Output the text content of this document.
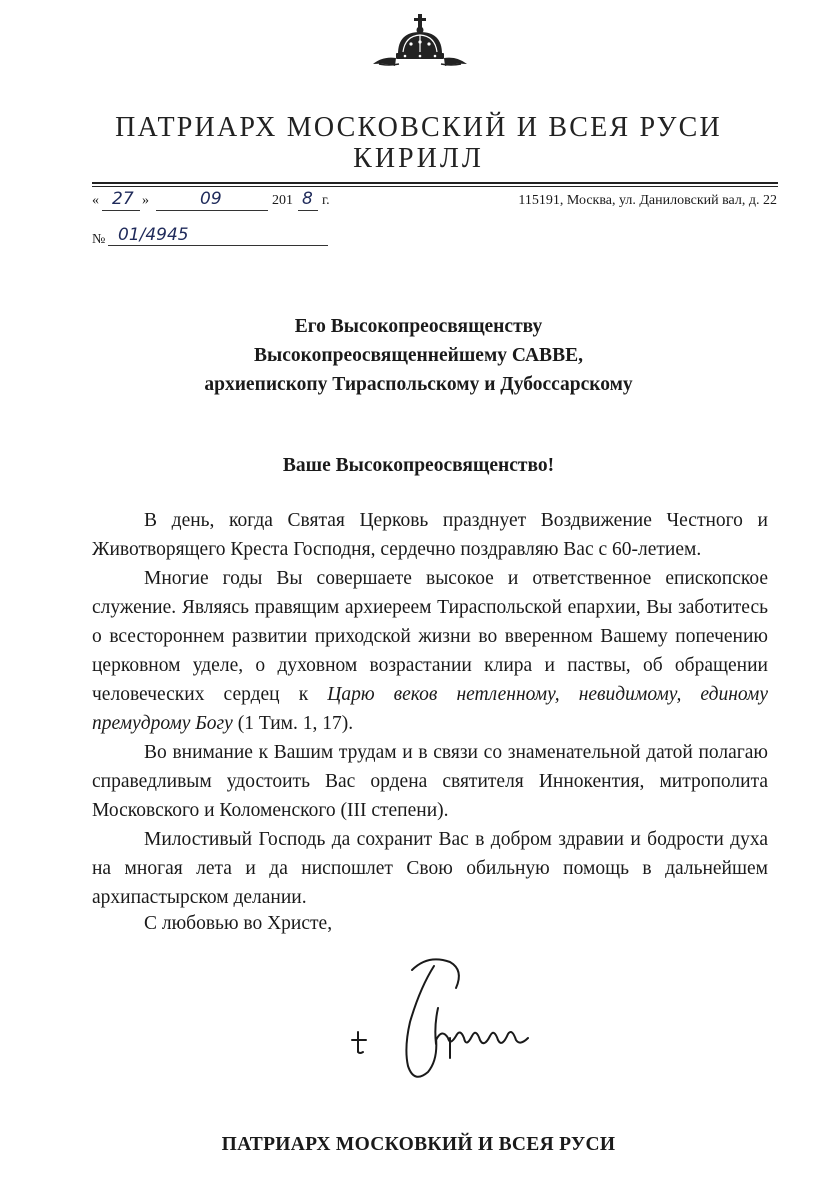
ПАТРИАРХ МОСКОВСКИЙ И ВСЕЯ РУСИ
КИРИЛЛ
« 27 »	09	201 8 г.	115191, Москва, ул. Даниловский вал, д. 22
№ 01/4945
Его Высокопреосвященству
Высокопреосвященнейшему САВВЕ,
архиепископу Тираспольскому и Дубоссарскому
Ваше Высокопреосвященство!

В день, когда Святая Церковь празднует Воздвижение Честного и Животворящего Креста Господня, сердечно поздравляю Вас с 60-летием.

Многие годы Вы совершаете высокое и ответственное епископское служение. Являясь правящим архиереем Тираспольской епархии, Вы заботитесь о всестороннем развитии приходской жизни во вверенном Вашему попечению церковном уделе, о духовном возрастании клира и паствы, об обращении человеческих сердец к Царю веков нетленному, невидимому, единому премудрому Богу (1 Тим. 1, 17).

Во внимание к Вашим трудам и в связи со знаменательной датой полагаю справедливым удостоить Вас ордена святителя Иннокентия, митрополита Московского и Коломенского (III степени).

Милостивый Господь да сохранит Вас в добром здравии и бодрости духа на многая лета и да ниспошлет Свою обильную помощь в дальнейшем архипастырском делании.

С любовью во Христе,
ПАТРИАРХ МОСКОВКИЙ И ВСЕЯ РУСИ
